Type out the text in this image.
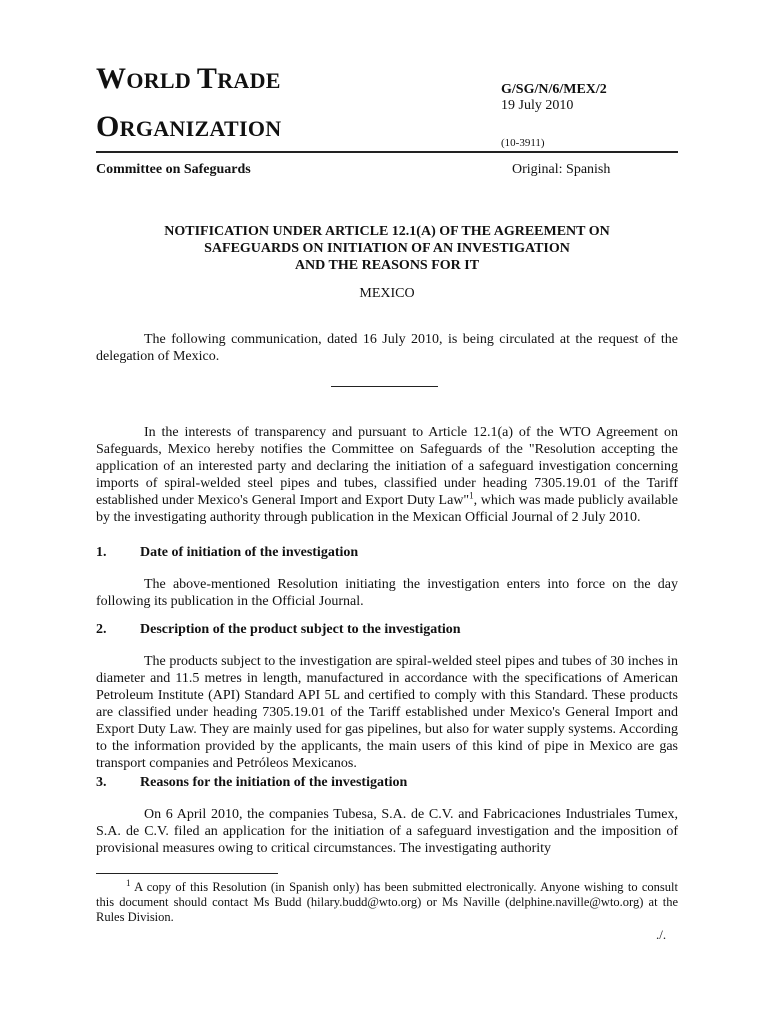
WORLD TRADE
ORGANIZATION
G/SG/N/6/MEX/2
19 July 2010
(10-3911)
Committee on Safeguards	Original: Spanish
NOTIFICATION UNDER ARTICLE 12.1(A) OF THE AGREEMENT ON
SAFEGUARDS ON INITIATION OF AN INVESTIGATION
AND THE REASONS FOR IT
MEXICO
The following communication, dated 16 July 2010, is being circulated at the request of the delegation of Mexico.
In the interests of transparency and pursuant to Article 12.1(a) of the WTO Agreement on Safeguards, Mexico hereby notifies the Committee on Safeguards of the "Resolution accepting the application of an interested party and declaring the initiation of a safeguard investigation concerning imports of spiral-welded steel pipes and tubes, classified under heading 7305.19.01 of the Tariff established under Mexico's General Import and Export Duty Law"$^1$, which was made publicly available by the investigating authority through publication in the Mexican Official Journal of 2 July 2010.
1. Date of initiation of the investigation
The above-mentioned Resolution initiating the investigation enters into force on the day following its publication in the Official Journal.
2. Description of the product subject to the investigation
The products subject to the investigation are spiral-welded steel pipes and tubes of 30 inches in diameter and 11.5 metres in length, manufactured in accordance with the specifications of American Petroleum Institute (API) Standard API 5L and certified to comply with this Standard. These products are classified under heading 7305.19.01 of the Tariff established under Mexico's General Import and Export Duty Law. They are mainly used for gas pipelines, but also for water supply systems. According to the information provided by the applicants, the main users of this kind of pipe in Mexico are gas transport companies and Petróleos Mexicanos.
3. Reasons for the initiation of the investigation
On 6 April 2010, the companies Tubesa, S.A. de C.V. and Fabricaciones Industriales Tumex, S.A. de C.V. filed an application for the initiation of a safeguard investigation and the imposition of provisional measures owing to critical circumstances. The investigating authority
$^1$ A copy of this Resolution (in Spanish only) has been submitted electronically. Anyone wishing to consult this document should contact Ms Budd (hilary.budd@wto.org) or Ms Naville (delphine.naville@wto.org) at the Rules Division.
./.
